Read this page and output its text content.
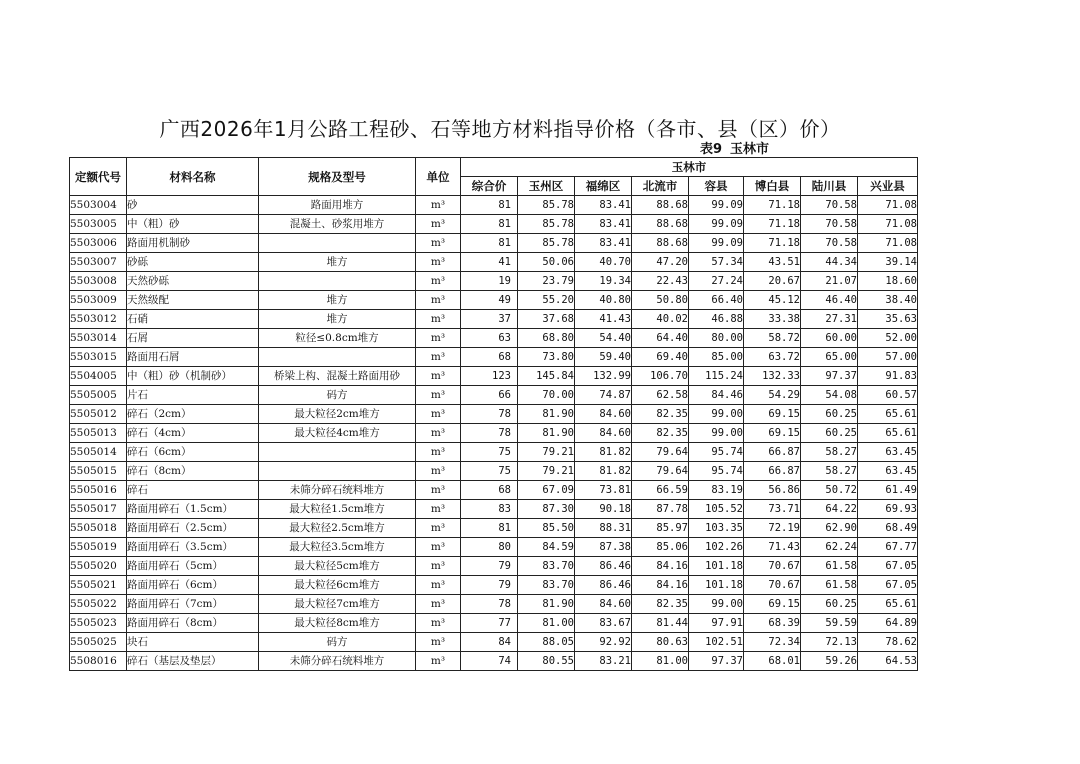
广西2026年1月公路工程砂、石等地方材料指导价格（各市、县（区）价）
表9 玉林市
定额代号	材料名称	规格及型号	单位	玉林市							
				综合价	玉州区	福绵区	北流市	容县	博白县	陆川县	兴业县
5503004	砂	路面用堆方	m³	81	85.78	83.41	88.68	99.09	71.18	70.58	71.08
5503005	中（粗）砂	混凝土、砂浆用堆方	m³	81	85.78	83.41	88.68	99.09	71.18	70.58	71.08
5503006	路面用机制砂		m³	81	85.78	83.41	88.68	99.09	71.18	70.58	71.08
5503007	砂砾	堆方	m³	41	50.06	40.70	47.20	57.34	43.51	44.34	39.14
5503008	天然砂砾		m³	19	23.79	19.34	22.43	27.24	20.67	21.07	18.60
5503009	天然级配	堆方	m³	49	55.20	40.80	50.80	66.40	45.12	46.40	38.40
5503012	石硝	堆方	m³	37	37.68	41.43	40.02	46.88	33.38	27.31	35.63
5503014	石屑	粒径≤0.8cm堆方	m³	63	68.80	54.40	64.40	80.00	58.72	60.00	52.00
5503015	路面用石屑		m³	68	73.80	59.40	69.40	85.00	63.72	65.00	57.00
5504005	中（粗）砂（机制砂）	桥梁上构、混凝土路面用砂	m³	123	145.84	132.99	106.70	115.24	132.33	97.37	91.83
5505005	片石	码方	m³	66	70.00	74.87	62.58	84.46	54.29	54.08	60.57
5505012	碎石（2cm）	最大粒径2cm堆方	m³	78	81.90	84.60	82.35	99.00	69.15	60.25	65.61
5505013	碎石（4cm）	最大粒径4cm堆方	m³	78	81.90	84.60	82.35	99.00	69.15	60.25	65.61
5505014	碎石（6cm）		m³	75	79.21	81.82	79.64	95.74	66.87	58.27	63.45
5505015	碎石（8cm）		m³	75	79.21	81.82	79.64	95.74	66.87	58.27	63.45
5505016	碎石	未筛分碎石统料堆方	m³	68	67.09	73.81	66.59	83.19	56.86	50.72	61.49
5505017	路面用碎石（1.5cm）	最大粒径1.5cm堆方	m³	83	87.30	90.18	87.78	105.52	73.71	64.22	69.93
5505018	路面用碎石（2.5cm）	最大粒径2.5cm堆方	m³	81	85.50	88.31	85.97	103.35	72.19	62.90	68.49
5505019	路面用碎石（3.5cm）	最大粒径3.5cm堆方	m³	80	84.59	87.38	85.06	102.26	71.43	62.24	67.77
5505020	路面用碎石（5cm）	最大粒径5cm堆方	m³	79	83.70	86.46	84.16	101.18	70.67	61.58	67.05
5505021	路面用碎石（6cm）	最大粒径6cm堆方	m³	79	83.70	86.46	84.16	101.18	70.67	61.58	67.05
5505022	路面用碎石（7cm）	最大粒径7cm堆方	m³	78	81.90	84.60	82.35	99.00	69.15	60.25	65.61
5505023	路面用碎石（8cm）	最大粒径8cm堆方	m³	77	81.00	83.67	81.44	97.91	68.39	59.59	64.89
5505025	块石	码方	m³	84	88.05	92.92	80.63	102.51	72.34	72.13	78.62
5508016	碎石（基层及垫层）	未筛分碎石统料堆方	m³	74	80.55	83.21	81.00	97.37	68.01	59.26	64.53
